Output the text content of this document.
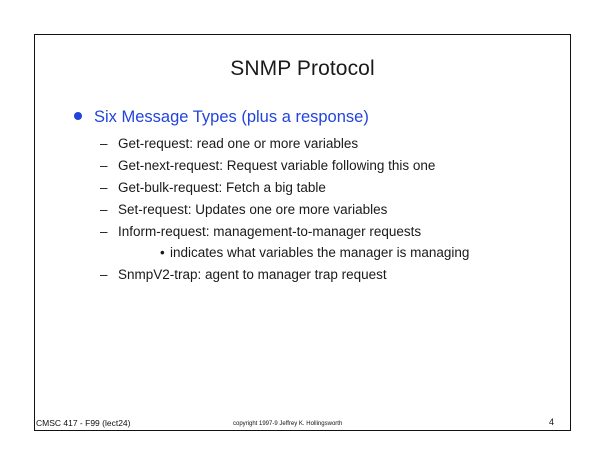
SNMP Protocol
Six Message Types (plus a response)
– Get-request: read one or more variables
– Get-next-request: Request variable following this one
– Get-bulk-request: Fetch a big table
– Set-request: Updates one ore more variables
– Inform-request: management-to-manager requests
• indicates what variables the manager is managing
– SnmpV2-trap: agent to manager trap request
CMSC 417 - F99 (lect24)	copyright 1997-9 Jeffrey K. Hollingsworth	4
